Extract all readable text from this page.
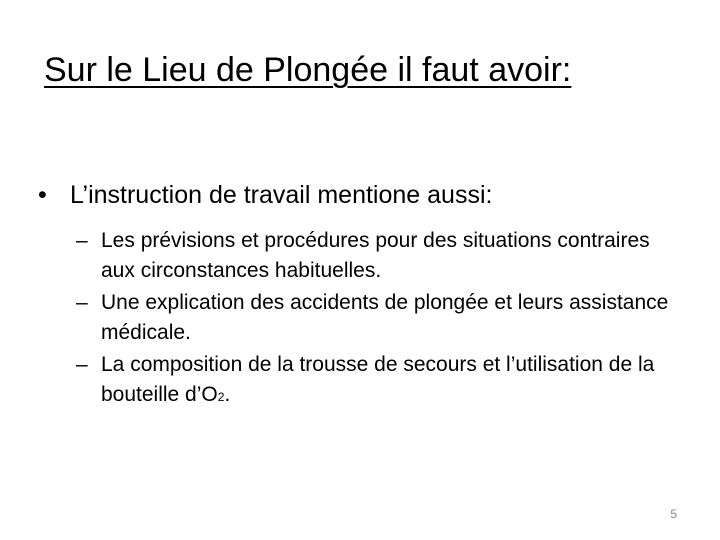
Sur le Lieu de Plongée il faut avoir:
• L’instruction de travail mentione aussi:
– Les prévisions et procédures pour des situations contraires aux circonstances habituelles.
– Une explication des accidents de plongée et leurs assistance médicale.
– La composition de la trousse de secours et l’utilisation de la bouteille d’O2.
5
